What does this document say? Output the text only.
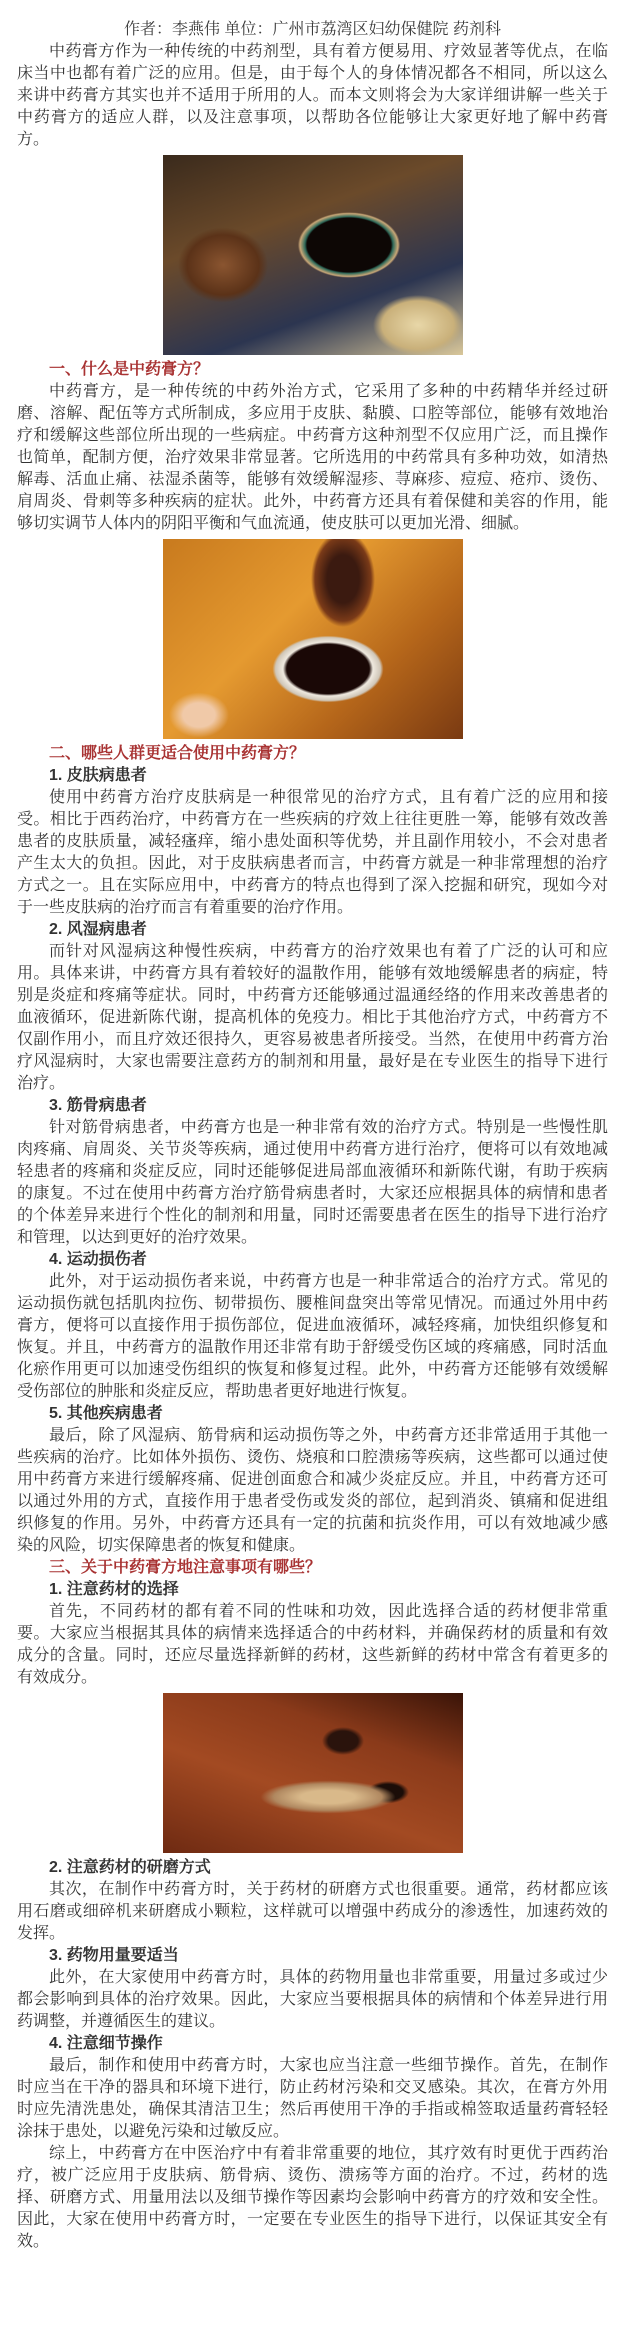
作者：李燕伟 单位：广州市荔湾区妇幼保健院 药剂科

中药膏方作为一种传统的中药剂型，具有着方便易用、疗效显著等优点，在临床当中也都有着广泛的应用。但是，由于每个人的身体情况都各不相同，所以这么来讲中药膏方其实也并不适用于所用的人。而本文则将会为大家详细讲解一些关于中药膏方的适应人群，以及注意事项，以帮助各位能够让大家更好地了解中药膏方。

一、什么是中药膏方？

中药膏方，是一种传统的中药外治方式，它采用了多种的中药精华并经过研磨、溶解、配伍等方式所制成，多应用于皮肤、黏膜、口腔等部位，能够有效地治疗和缓解这些部位所出现的一些病症。中药膏方这种剂型不仅应用广泛，而且操作也简单，配制方便，治疗效果非常显著。它所选用的中药常具有多种功效，如清热解毒、活血止痛、祛湿杀菌等，能够有效缓解湿疹、荨麻疹、痘痘、疮疖、烫伤、肩周炎、骨刺等多种疾病的症状。此外，中药膏方还具有着保健和美容的作用，能够切实调节人体内的阴阳平衡和气血流通，使皮肤可以更加光滑、细腻。

二、哪些人群更适合使用中药膏方？
1. 皮肤病患者

使用中药膏方治疗皮肤病是一种很常见的治疗方式，且有着广泛的应用和接受。相比于西药治疗，中药膏方在一些疾病的疗效上往往更胜一筹，能够有效改善患者的皮肤质量，减轻瘙痒，缩小患处面积等优势，并且副作用较小，不会对患者产生太大的负担。因此，对于皮肤病患者而言，中药膏方就是一种非常理想的治疗方式之一。且在实际应用中，中药膏方的特点也得到了深入挖掘和研究，现如今对于一些皮肤病的治疗而言有着重要的治疗作用。

2. 风湿病患者

而针对风湿病这种慢性疾病，中药膏方的治疗效果也有着了广泛的认可和应用。具体来讲，中药膏方具有着较好的温散作用，能够有效地缓解患者的病症，特别是炎症和疼痛等症状。同时，中药膏方还能够通过温通经络的作用来改善患者的血液循环，促进新陈代谢，提高机体的免疫力。相比于其他治疗方式，中药膏方不仅副作用小，而且疗效还很持久，更容易被患者所接受。当然，在使用中药膏方治疗风湿病时，大家也需要注意药方的制剂和用量，最好是在专业医生的指导下进行治疗。

3. 筋骨病患者

针对筋骨病患者，中药膏方也是一种非常有效的治疗方式。特别是一些慢性肌肉疼痛、肩周炎、关节炎等疾病，通过使用中药膏方进行治疗，便将可以有效地减轻患者的疼痛和炎症反应，同时还能够促进局部血液循环和新陈代谢，有助于疾病的康复。不过在使用中药膏方治疗筋骨病患者时，大家还应根据具体的病情和患者的个体差异来进行个性化的制剂和用量，同时还需要患者在医生的指导下进行治疗和管理，以达到更好的治疗效果。

4. 运动损伤者

此外，对于运动损伤者来说，中药膏方也是一种非常适合的治疗方式。常见的运动损伤就包括肌肉拉伤、韧带损伤、腰椎间盘突出等常见情况。而通过外用中药膏方，便将可以直接作用于损伤部位，促进血液循环，减轻疼痛，加快组织修复和恢复。并且，中药膏方的温散作用还非常有助于舒缓受伤区域的疼痛感，同时活血化瘀作用更可以加速受伤组织的恢复和修复过程。此外，中药膏方还能够有效缓解受伤部位的肿胀和炎症反应，帮助患者更好地进行恢复。

5. 其他疾病患者

最后，除了风湿病、筋骨病和运动损伤等之外，中药膏方还非常适用于其他一些疾病的治疗。比如体外损伤、烫伤、烧痕和口腔溃疡等疾病，这些都可以通过使用中药膏方来进行缓解疼痛、促进创面愈合和减少炎症反应。并且，中药膏方还可以通过外用的方式，直接作用于患者受伤或发炎的部位，起到消炎、镇痛和促进组织修复的作用。另外，中药膏方还具有一定的抗菌和抗炎作用，可以有效地减少感染的风险，切实保障患者的恢复和健康。

三、关于中药膏方地注意事项有哪些？
1. 注意药材的选择

首先，不同药材的都有着不同的性味和功效，因此选择合适的药材便非常重要。大家应当根据其具体的病情来选择适合的中药材料，并确保药材的质量和有效成分的含量。同时，还应尽量选择新鲜的药材，这些新鲜的药材中常含有着更多的有效成分。

2. 注意药材的研磨方式

其次，在制作中药膏方时，关于药材的研磨方式也很重要。通常，药材都应该用石磨或细碎机来研磨成小颗粒，这样就可以增强中药成分的渗透性，加速药效的发挥。

3. 药物用量要适当

此外，在大家使用中药膏方时，具体的药物用量也非常重要，用量过多或过少都会影响到具体的治疗效果。因此，大家应当要根据具体的病情和个体差异进行用药调整，并遵循医生的建议。

4. 注意细节操作

最后，制作和使用中药膏方时，大家也应当注意一些细节操作。首先，在制作时应当在干净的器具和环境下进行，防止药材污染和交叉感染。其次，在膏方外用时应先清洗患处，确保其清洁卫生；然后再使用干净的手指或棉签取适量药膏轻轻涂抹于患处，以避免污染和过敏反应。

综上，中药膏方在中医治疗中有着非常重要的地位，其疗效有时更优于西药治疗，被广泛应用于皮肤病、筋骨病、烫伤、溃疡等方面的治疗。不过，药材的选择、研磨方式、用量用法以及细节操作等因素均会影响中药膏方的疗效和安全性。因此，大家在使用中药膏方时，一定要在专业医生的指导下进行，以保证其安全有效。
